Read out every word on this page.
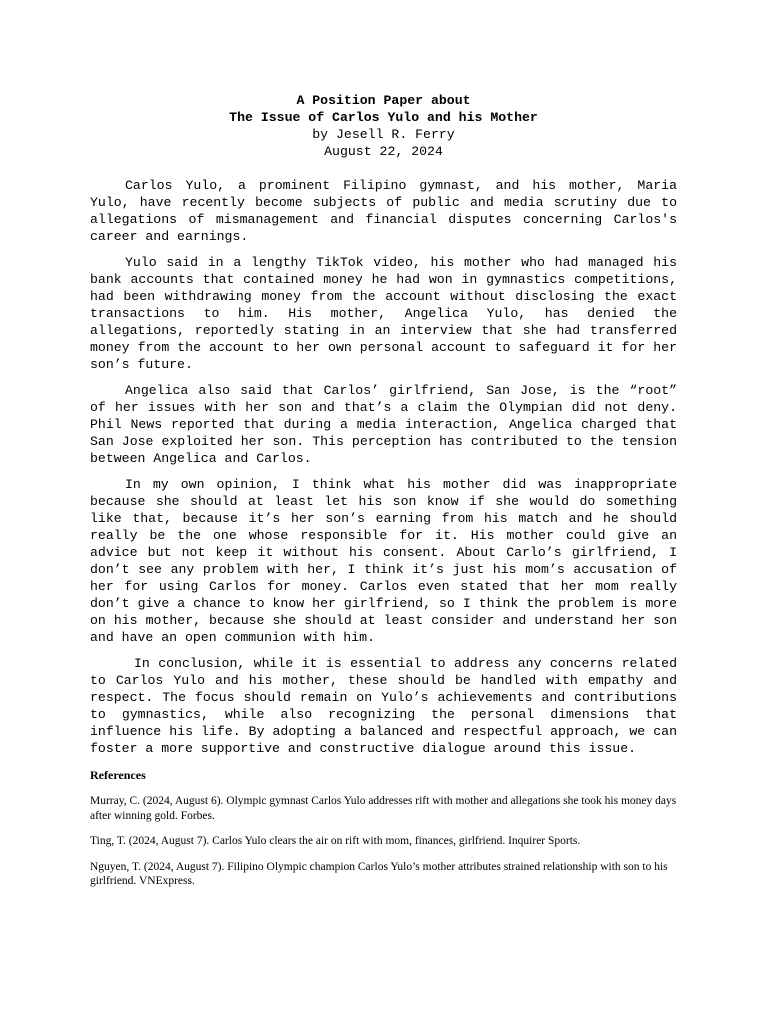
A Position Paper about
The Issue of Carlos Yulo and his Mother
by Jesell R. Ferry
August 22, 2024

Carlos Yulo, a prominent Filipino gymnast, and his mother, Maria Yulo, have recently become subjects of public and media scrutiny due to allegations of mismanagement and financial disputes concerning Carlos's career and earnings.

Yulo said in a lengthy TikTok video, his mother who had managed his bank accounts that contained money he had won in gymnastics competitions, had been withdrawing money from the account without disclosing the exact transactions to him. His mother, Angelica Yulo, has denied the allegations, reportedly stating in an interview that she had transferred money from the account to her own personal account to safeguard it for her son’s future.

Angelica also said that Carlos’ girlfriend, San Jose, is the “root” of her issues with her son and that’s a claim the Olympian did not deny. Phil News reported that during a media interaction, Angelica charged that San Jose exploited her son. This perception has contributed to the tension between Angelica and Carlos.

In my own opinion, I think what his mother did was inappropriate because she should at least let his son know if she would do something like that, because it’s her son’s earning from his match and he should really be the one whose responsible for it. His mother could give an advice but not keep it without his consent. About Carlo’s girlfriend, I don’t see any problem with her, I think it’s just his mom’s accusation of her for using Carlos for money. Carlos even stated that her mom really don’t give a chance to know her girlfriend, so I think the problem is more on his mother, because she should at least consider and understand her son and have an open communion with him.

In conclusion, while it is essential to address any concerns related to Carlos Yulo and his mother, these should be handled with empathy and respect. The focus should remain on Yulo’s achievements and contributions to gymnastics, while also recognizing the personal dimensions that influence his life. By adopting a balanced and respectful approach, we can foster a more supportive and constructive dialogue around this issue.

References
Murray, C. (2024, August 6). Olympic gymnast Carlos Yulo addresses rift with mother and allegations she took his money days after winning gold. Forbes.
Ting, T. (2024, August 7). Carlos Yulo clears the air on rift with mom, finances, girlfriend. Inquirer Sports.
Nguyen, T. (2024, August 7). Filipino Olympic champion Carlos Yulo’s mother attributes strained relationship with son to his girlfriend. VNExpress.
